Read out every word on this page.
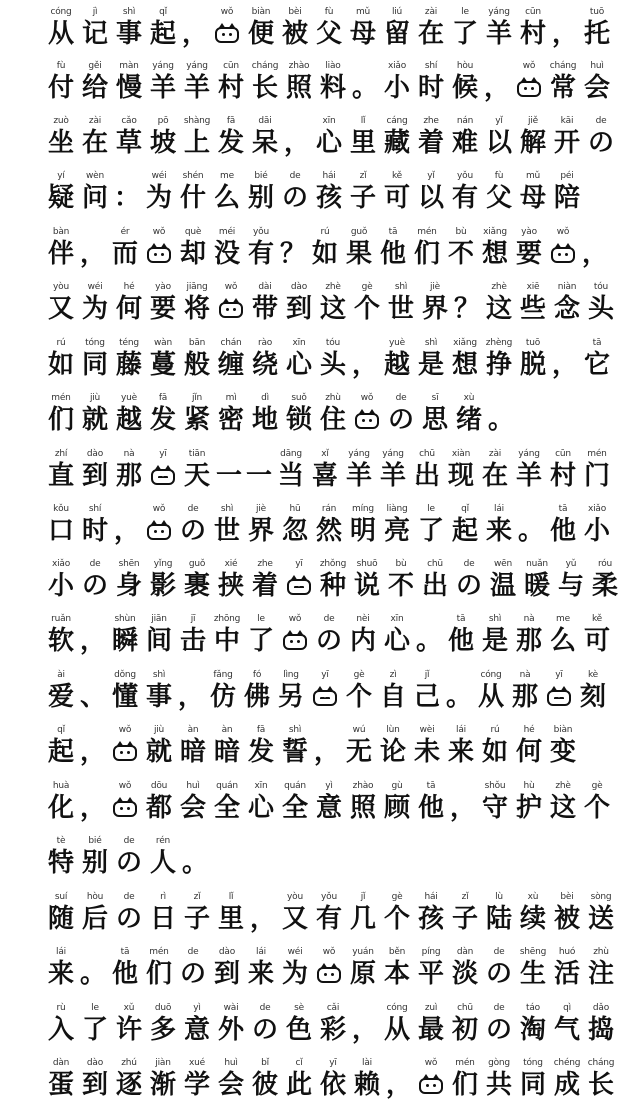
cóng
从
jì
记
shì
事
qǐ
起 ，
wǒ biàn
便
bèi
被
fù
父
mǔ
母
liú
留
zài
在
le
了
yáng
羊
cūn
村 ，
tuō
托
fù
付
gěi
给
màn
慢
yáng
羊
yáng
羊
cūn
村
cháng
长
zhào
照
liào
料 。
xiǎo
小
shí
时
hòu
候 ，
wǒ cháng
常
huì
会
zuò
坐
zài
在
cǎo
草
pō
坡
shàng
上
fā
发
dāi
呆 ，
xīn
心
lǐ
里
cáng
藏
zhe
着
nán
难
yǐ
以
jiě
解
kāi
开
de
の
yí
疑
wèn
问 ：
wéi
为
shén
什
me
么
bié
别
de
の
hái
孩
zǐ
子
kě
可
yǐ
以
yǒu
有
fù
父
mǔ
母
péi
陪
bàn
伴 ，
ér
而
wǒ què
却
méi
没
yǒu
有 ？
rú
如
guǒ
果
tā
他
mén
们
bù
不
xiǎng
想
yào
要
wǒ
，
yòu
又
wéi
为
hé
何
yào
要
jiāng
将
wǒ dài
带
dào
到
zhè
这
gè
个
shì
世
jiè
界 ？
zhè
这
xiē
些
niàn
念
tóu
头
rú
如
tóng
同
téng
藤
wàn
蔓
bān
般
chán
缠
rào
绕
xīn
心
tóu
头 ，
yuè
越
shì
是
xiǎng
想
zhèng
挣
tuō
脱 ，
tā
它
mén
们
jiù
就
yuè
越
fā
发
jǐn
紧
mì
密
dì
地
suǒ
锁
zhù
住
wǒ de
の
sī
思
xù
绪 。
zhí
直
dào
到
nà
那
yī tiān
天 一 一
dāng
当
xǐ
喜
yáng
羊
yáng
羊
chū
出
xiàn
现
zài
在
yáng
羊
cūn
村
mén
门
kǒu
口
shí
时 ，
wǒ de
の
shì
世
jiè
界
hū
忽
rán
然
míng
明
liàng
亮
le
了
qǐ
起
lái
来 。
tā
他
xiǎo
小
xiǎo
小
de
の
shēn
身
yǐng
影
guǒ
裹
xié
挟
zhe
着
yī zhǒng
种
shuō
说
bù
不
chū
出
de
の
wēn
温
nuǎn
暖
yǔ
与
róu
柔
ruǎn
软 ，
shùn
瞬
jiān
间
jī
击
zhōng
中
le
了
wǒ de
の
nèi
内
xīn
心 。
tā
他
shì
是
nà
那
me
么
kě
可
ài
爱 、
dǒng
懂
shì
事 ，
fǎng
仿
fó
佛
lìng
另
yī	gè
个
zì
自
jǐ
己 。
cóng
从
nà
那
yī	kè
刻
qǐ
起 ，
wǒ	jiù
就
àn
暗
àn
暗
fā
发
shì
誓 ，
wú
无
lùn
论
wèi
未
lái
来
rú
如
hé
何
biàn
变
huà
化 ，
wǒ dōu
都
huì
会
quán
全
xīn
心
quán
全
yì
意
zhào
照
gù
顾
tā
他 ，
shǒu
守
hù
护
zhè
这
gè
个
tè
特
bié
别
de
の
rén
人 。
suí
随
hòu
后
de
の
rì
日
zǐ
子
lǐ
里 ，
yòu
又
yǒu
有
jǐ
几
gè
个
hái
孩
zǐ
子
lù
陆
xù
续
bèi
被
sòng
送
lái
来 。
tā
他
mén
们
de
の
dào
到
lái
来
wéi
为
wǒ yuán
原
běn
本
píng
平
dàn
淡
de
の
shēng
生
huó
活
zhù
注
rù
入
le
了
xǔ
许
duō
多
yì
意
wài
外
de
の
sè
色
cǎi
彩 ，
cóng
从
zuì
最
chū
初
de
の
táo
淘
qì
气
dǎo
捣
dàn
蛋
dào
到
zhú
逐
jiàn
渐
xué
学
huì
会
bǐ
彼
cǐ
此
yī
依
lài
赖 ，
wǒ mén
们
gòng
共
tóng
同
chéng
成
cháng
长
